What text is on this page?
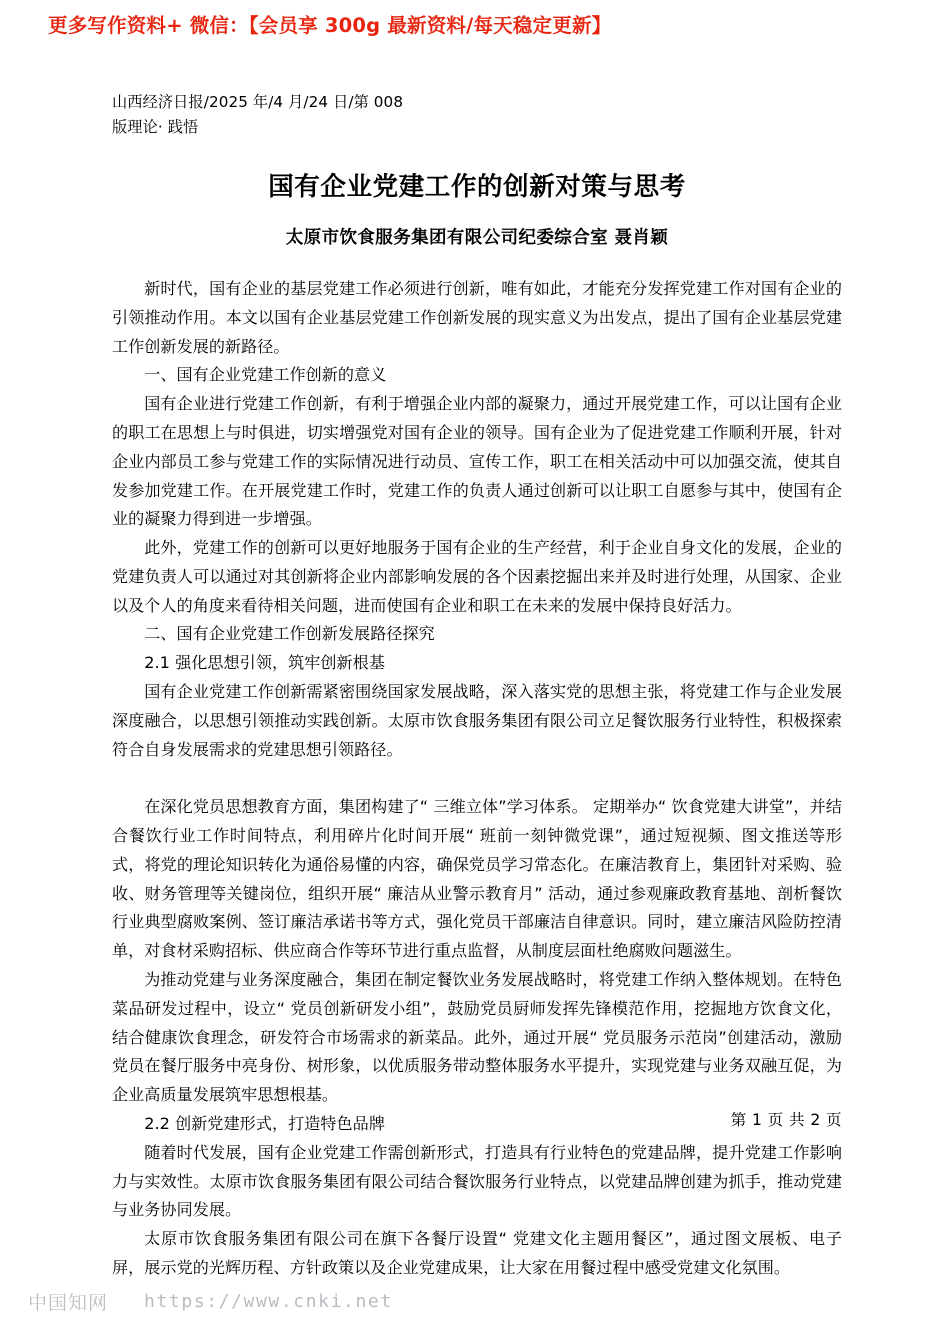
更多写作资料+ 微信：【会员享 300g 最新资料/每天稳定更新】
山西经济日报/2025 年/4 月/24 日/第 008
版理论· 践悟
国有企业党建工作的创新对策与思考
太原市饮食服务集团有限公司纪委综合室 聂肖颖

新时代，国有企业的基层党建工作必须进行创新，唯有如此，才能充分发挥党建工作对国有企业的引领推动作用。本文以国有企业基层党建工作创新发展的现实意义为出发点，提出了国有企业基层党建工作创新发展的新路径。

一、国有企业党建工作创新的意义

国有企业进行党建工作创新，有利于增强企业内部的凝聚力，通过开展党建工作，可以让国有企业的职工在思想上与时俱进，切实增强党对国有企业的领导。国有企业为了促进党建工作顺利开展，针对企业内部员工参与党建工作的实际情况进行动员、宣传工作，职工在相关活动中可以加强交流，使其自发参加党建工作。在开展党建工作时，党建工作的负责人通过创新可以让职工自愿参与其中，使国有企业的凝聚力得到进一步增强。

此外，党建工作的创新可以更好地服务于国有企业的生产经营，利于企业自身文化的发展，企业的党建负责人可以通过对其创新将企业内部影响发展的各个因素挖掘出来并及时进行处理，从国家、企业以及个人的角度来看待相关问题，进而使国有企业和职工在未来的发展中保持良好活力。

二、国有企业党建工作创新发展路径探究

2.1 强化思想引领，筑牢创新根基

国有企业党建工作创新需紧密围绕国家发展战略，深入落实党的思想主张，将党建工作与企业发展深度融合，以思想引领推动实践创新。太原市饮食服务集团有限公司立足餐饮服务行业特性，积极探索符合自身发展需求的党建思想引领路径。

在深化党员思想教育方面，集团构建了“ 三维立体”学习体系。 定期举办“ 饮食党建大讲堂”，并结合餐饮行业工作时间特点，利用碎片化时间开展“ 班前一刻钟微党课”，通过短视频、图文推送等形式，将党的理论知识转化为通俗易懂的内容，确保党员学习常态化。在廉洁教育上，集团针对采购、验收、财务管理等关键岗位，组织开展“ 廉洁从业警示教育月” 活动，通过参观廉政教育基地、剖析餐饮行业典型腐败案例、签订廉洁承诺书等方式，强化党员干部廉洁自律意识。同时，建立廉洁风险防控清单，对食材采购招标、供应商合作等环节进行重点监督，从制度层面杜绝腐败问题滋生。

为推动党建与业务深度融合，集团在制定餐饮业务发展战略时，将党建工作纳入整体规划。在特色菜品研发过程中，设立“ 党员创新研发小组”，鼓励党员厨师发挥先锋模范作用，挖掘地方饮食文化，结合健康饮食理念，研发符合市场需求的新菜品。此外，通过开展“ 党员服务示范岗”创建活动，激励党员在餐厅服务中亮身份、树形象，以优质服务带动整体服务水平提升，实现党建与业务双融互促，为企业高质量发展筑牢思想根基。

2.2 创新党建形式，打造特色品牌

随着时代发展，国有企业党建工作需创新形式，打造具有行业特色的党建品牌，提升党建工作影响力与实效性。太原市饮食服务集团有限公司结合餐饮服务行业特点，以党建品牌创建为抓手，推动党建与业务协同发展。

太原市饮食服务集团有限公司在旗下各餐厅设置“ 党建文化主题用餐区”，通过图文展板、电子屏，展示党的光辉历程、方针政策以及企业党建成果，让大家在用餐过程中感受党建文化氛围。

第 1 页 共 2 页
中国知网 https://www.cnki.net
